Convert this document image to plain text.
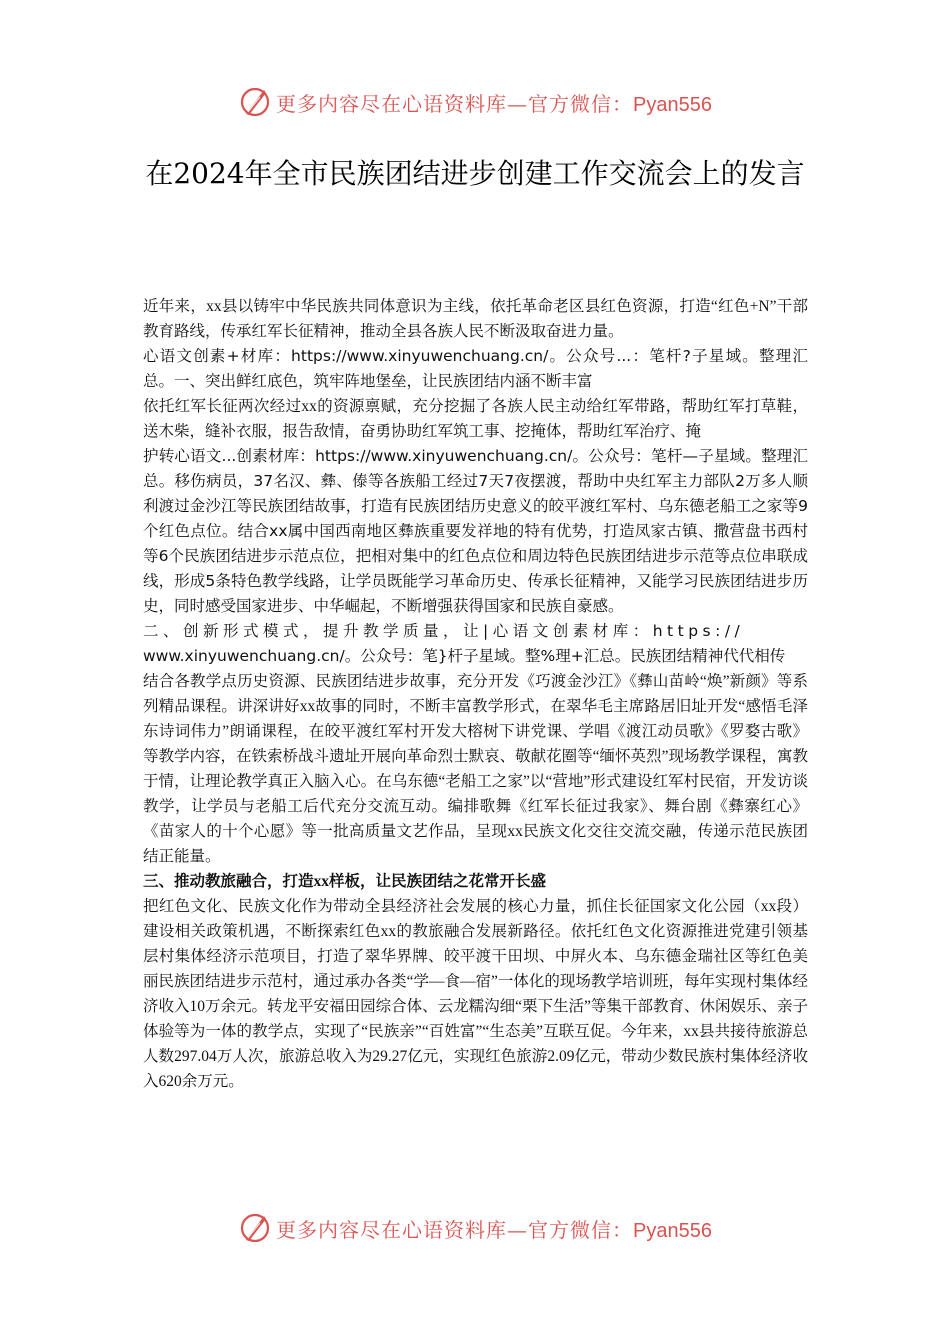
更多内容尽在心语资料库—官方微信：Pyan556
在2024年全市民族团结进步创建工作交流会上的发言

近年来，xx县以铸牢中华民族共同体意识为主线，依托革命老区县红色资源，打造“红色+N”干部教育路线，传承红军长征精神，推动全县各族人民不断汲取奋进力量。

心语文创素+材库：https://www.xinyuwenchuang.cn/。公众号...：笔杆?子星域。整理汇总。一、突出鲜红底色，筑牢阵地堡垒，让民族团结内涵不断丰富

依托红军长征两次经过xx的资源禀赋，充分挖掘了各族人民主动给红军带路，帮助红军打草鞋，送木柴，缝补衣服，报告敌情，奋勇协助红军筑工事、挖掩体，帮助红军治疗、掩

护转心语文...创素材库：https://www.xinyuwenchuang.cn/。公众号：笔杆—子星域。整理汇总。移伤病员，37名汉、彝、傣等各族船工经过7天7夜摆渡，帮助中央红军主力部队2万多人顺利渡过金沙江等民族团结故事，打造有民族团结历史意义的皎平渡红军村、乌东德老船工之家等9个红色点位。结合xx属中国西南地区彝族重要发祥地的特有优势，打造凤家古镇、撒营盘书西村等6个民族团结进步示范点位，把相对集中的红色点位和周边特色民族团结进步示范等点位串联成线，形成5条特色教学线路，让学员既能学习革命历史、传承长征精神，又能学习民族团结进步历史，同时感受国家进步、中华崛起，不断增强获得国家和民族自豪感。

二、创新形式模式，提升教学质量，让|心语文创素材库：https://

www.xinyuwenchuang.cn/。公众号：笔}杆子星域。整%理+汇总。民族团结精神代代相传

结合各教学点历史资源、民族团结进步故事，充分开发《巧渡金沙江》《彝山苗岭“焕”新颜》等系列精品课程。讲深讲好xx故事的同时，不断丰富教学形式，在翠华毛主席路居旧址开发“感悟毛泽东诗词伟力”朗诵课程，在皎平渡红军村开发大榕树下讲党课、学唱《渡江动员歌》《罗婺古歌》等教学内容，在铁索桥战斗遗址开展向革命烈士默哀、敬献花圈等“缅怀英烈”现场教学课程，寓教于情，让理论教学真正入脑入心。在乌东德“老船工之家”以“营地”形式建设红军村民宿，开发访谈教学，让学员与老船工后代充分交流互动。编排歌舞《红军长征过我家》、舞台剧《彝寨红心》《苗家人的十个心愿》等一批高质量文艺作品，呈现xx民族文化交往交流交融，传递示范民族团结正能量。

三、推动教旅融合，打造xx样板，让民族团结之花常开长盛

把红色文化、民族文化作为带动全县经济社会发展的核心力量，抓住长征国家文化公园（xx段）建设相关政策机遇，不断探索红色xx的教旅融合发展新路径。依托红色文化资源推进党建引领基层村集体经济示范项目，打造了翠华界牌、皎平渡干田坝、中屏火本、乌东德金瑞社区等红色美丽民族团结进步示范村，通过承办各类“学—食—宿”一体化的现场教学培训班，每年实现村集体经济收入10万余元。转龙平安福田园综合体、云龙糯沟细“栗下生活”等集干部教育、休闲娱乐、亲子体验等为一体的教学点，实现了“民族亲”“百姓富”“生态美”互联互促。今年来，xx县共接待旅游总人数297.04万人次，旅游总收入为29.27亿元，实现红色旅游2.09亿元，带动少数民族村集体经济收入620余万元。

更多内容尽在心语资料库—官方微信：Pyan556
